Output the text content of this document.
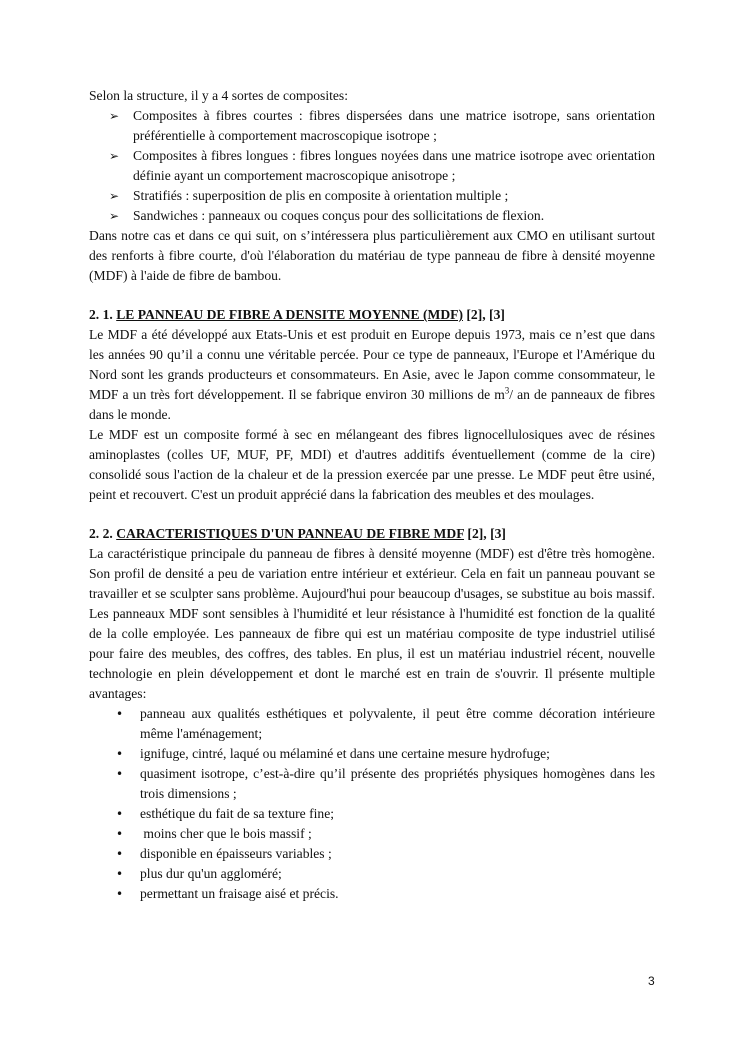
Selon la structure, il y a 4 sortes de composites:

➢ Composites à fibres courtes : fibres dispersées dans une matrice isotrope, sans orientation préférentielle à comportement macroscopique isotrope ;
➢ Composites à fibres longues : fibres longues noyées dans une matrice isotrope avec orientation définie ayant un comportement macroscopique anisotrope ;
➢ Stratifiés : superposition de plis en composite à orientation multiple ;
➢ Sandwiches : panneaux ou coques conçus pour des sollicitations de flexion.

Dans notre cas et dans ce qui suit, on s’intéressera plus particulièrement aux CMO en utilisant surtout des renforts à fibre courte, d'où l'élaboration du matériau de type panneau de fibre à densité moyenne (MDF) à l'aide de fibre de bambou.

2. 1. LE PANNEAU DE FIBRE A DENSITE MOYENNE (MDF) [2], [3]

Le MDF a été développé aux Etats-Unis et est produit en Europe depuis 1973, mais ce n’est que dans les années 90 qu’il a connu une véritable percée. Pour ce type de panneaux, l'Europe et l'Amérique du Nord sont les grands producteurs et consommateurs. En Asie, avec le Japon comme consommateur, le MDF a un très fort développement. Il se fabrique environ 30 millions de $m^3/$ an de panneaux de fibres dans le monde.

Le MDF est un composite formé à sec en mélangeant des fibres lignocellulosiques avec de résines aminoplastes (colles UF, MUF, PF, MDI) et d'autres additifs éventuellement (comme de la cire) consolidé sous l'action de la chaleur et de la pression exercée par une presse. Le MDF peut être usiné, peint et recouvert. C'est un produit apprécié dans la fabrication des meubles et des moulages.

2. 2. CARACTERISTIQUES D'UN PANNEAU DE FIBRE MDF [2], [3]

La caractéristique principale du panneau de fibres à densité moyenne (MDF) est d'être très homogène. Son profil de densité a peu de variation entre intérieur et extérieur. Cela en fait un panneau pouvant se travailler et se sculpter sans problème. Aujourd'hui pour beaucoup d'usages, se substitue au bois massif. Les panneaux MDF sont sensibles à l'humidité et leur résistance à l'humidité est fonction de la qualité de la colle employée. Les panneaux de fibre qui est un matériau composite de type industriel utilisé pour faire des meubles, des coffres, des tables. En plus, il est un matériau industriel récent, nouvelle technologie en plein développement et dont le marché est en train de s'ouvrir. Il présente multiple avantages:

• panneau aux qualités esthétiques et polyvalente, il peut être comme décoration intérieure même l'aménagement;
• ignifuge, cintré, laqué ou mélaminé et dans une certaine mesure hydrofuge;
• quasiment isotrope, c’est-à-dire qu’il présente des propriétés physiques homogènes dans les trois dimensions ;
• esthétique du fait de sa texture fine;
• moins cher que le bois massif ;
• disponible en épaisseurs variables ;
• plus dur qu'un aggloméré;
• permettant un fraisage aisé et précis.
3
